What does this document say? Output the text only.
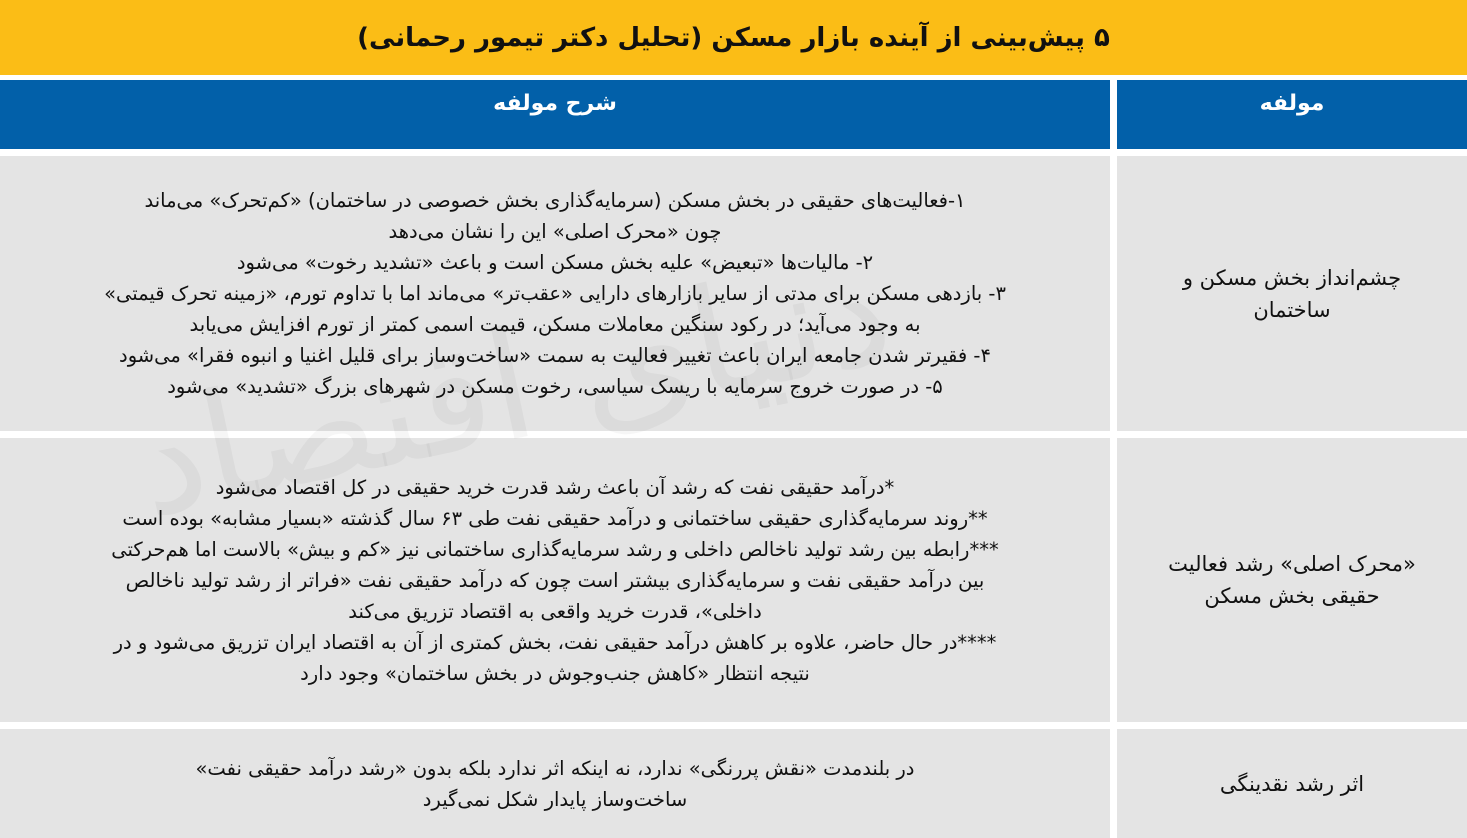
۵ پیش‌بینی از آینده بازار مسکن (تحلیل دکتر تیمور رحمانی)
مولفه
شرح مولفه
چشم‌انداز بخش مسکن و ساختمان
۱-فعالیت‌های حقیقی در بخش مسکن (سرمایه‌گذاری بخش خصوصی در ساختمان) «کم‌تحرک» می‌ماند
چون «محرک اصلی» این را نشان می‌دهد
۲- مالیات‌ها «تبعیض» علیه بخش مسکن است و باعث «تشدید رخوت» می‌شود
۳- بازدهی مسکن برای مدتی از سایر بازارهای دارایی «عقب‌تر» می‌ماند اما با تداوم تورم، «زمینه تحرک قیمتی»
به وجود می‌آید؛ در رکود سنگین معاملات مسکن، قیمت اسمی کمتر از تورم افزایش می‌یابد
۴- فقیرتر شدن جامعه ایران باعث تغییر فعالیت به سمت «ساخت‌وساز برای قلیل اغنیا و انبوه فقرا» می‌شود
۵- در صورت خروج سرمایه با ریسک سیاسی، رخوت مسکن در شهرهای بزرگ «تشدید» می‌شود
«محرک اصلی» رشد فعالیت حقیقی بخش مسکن
*درآمد حقیقی نفت که رشد آن باعث رشد قدرت خرید حقیقی در کل اقتصاد می‌شود
**روند سرمایه‌گذاری حقیقی ساختمانی و درآمد حقیقی نفت طی ۶۳ سال گذشته «بسیار مشابه» بوده است
***رابطه بین رشد تولید ناخالص داخلی و رشد سرمایه‌گذاری ساختمانی نیز «کم و بیش» بالاست اما هم‌حرکتی
بین درآمد حقیقی نفت و سرمایه‌گذاری بیشتر است چون که درآمد حقیقی نفت «فراتر از رشد تولید ناخالص
داخلی»، قدرت خرید واقعی به اقتصاد تزریق می‌کند
****در حال حاضر، علاوه بر کاهش درآمد حقیقی نفت، بخش کمتری از آن به اقتصاد ایران تزریق می‌شود و در
نتیجه انتظار «کاهش جنب‌وجوش در بخش ساختمان» وجود دارد
اثر رشد نقدینگی
در بلندمدت «نقش پررنگی» ندارد، نه اینکه اثر ندارد بلکه بدون «رشد درآمد حقیقی نفت»
ساخت‌وساز پایدار شکل نمی‌گیرد
